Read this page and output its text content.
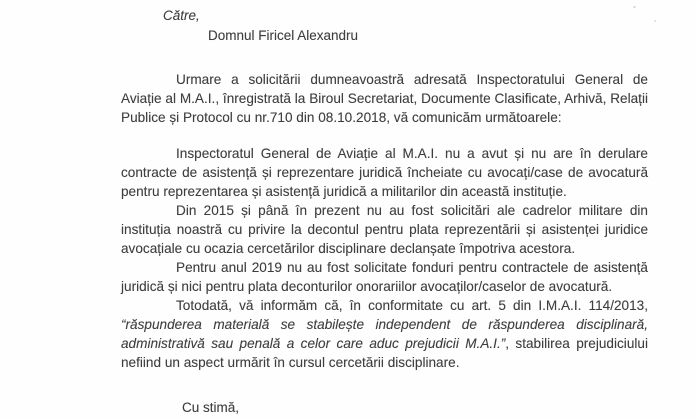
Către,
Domnul Firicel Alexandru

Urmare a solicitării dumneavoastră adresată Inspectoratului General de Aviație al M.A.I., înregistrată la Biroul Secretariat, Documente Clasificate, Arhivă, Relații Publice și Protocol cu nr.710 din 08.10.2018, vă comunicăm următoarele:

Inspectoratul General de Aviație al M.A.I. nu a avut și nu are în derulare contracte de asistență și reprezentare juridică încheiate cu avocați/case de avocatură pentru reprezentarea și asistență juridică a militarilor din această instituție.

Din 2015 și până în prezent nu au fost solicitări ale cadrelor militare din instituția noastră cu privire la decontul pentru plata reprezentării și asistenței juridice avocațiale cu ocazia cercetărilor disciplinare declanșate împotriva acestora.

Pentru anul 2019 nu au fost solicitate fonduri pentru contractele de asistență juridică și nici pentru plata deconturilor onorariilor avocaților/caselor de avocatură.

Totodată, vă informăm că, în conformitate cu art. 5 din I.M.A.I. 114/2013, “răspunderea materială se stabilește independent de răspunderea disciplinară, administrativă sau penală a celor care aduc prejudicii M.A.I.”, stabilirea prejudiciului nefiind un aspect urmărit în cursul cercetării disciplinare.

Cu stimă,
